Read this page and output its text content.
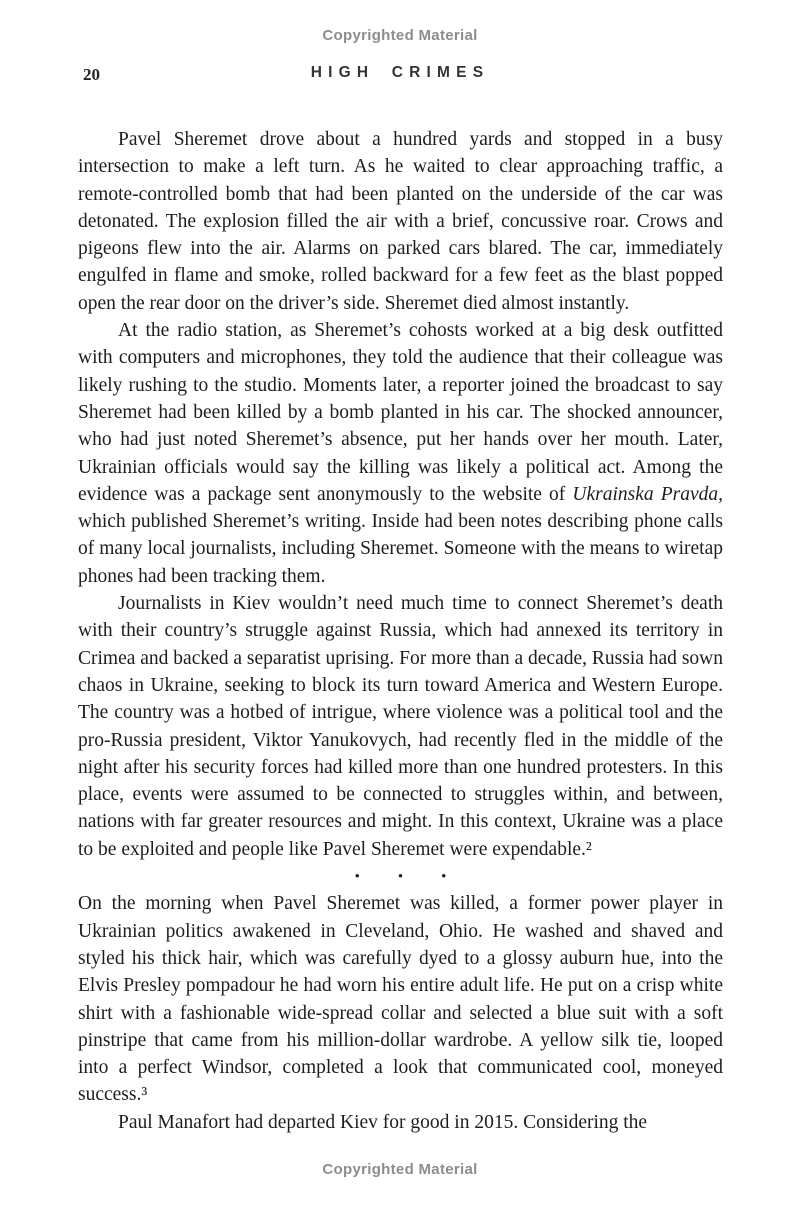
Copyrighted Material
20	HIGH CRIMES

Pavel Sheremet drove about a hundred yards and stopped in a busy intersection to make a left turn. As he waited to clear approaching traffic, a remote-controlled bomb that had been planted on the underside of the car was detonated. The explosion filled the air with a brief, concussive roar. Crows and pigeons flew into the air. Alarms on parked cars blared. The car, immediately engulfed in flame and smoke, rolled backward for a few feet as the blast popped open the rear door on the driver’s side. Sheremet died almost instantly.

At the radio station, as Sheremet’s cohosts worked at a big desk outfitted with computers and microphones, they told the audience that their colleague was likely rushing to the studio. Moments later, a reporter joined the broadcast to say Sheremet had been killed by a bomb planted in his car. The shocked announcer, who had just noted Sheremet’s absence, put her hands over her mouth. Later, Ukrainian officials would say the killing was likely a political act. Among the evidence was a package sent anonymously to the website of Ukrainska Pravda, which published Sheremet’s writing. Inside had been notes describing phone calls of many local journalists, including Sheremet. Someone with the means to wiretap phones had been tracking them.

Journalists in Kiev wouldn’t need much time to connect Sheremet’s death with their country’s struggle against Russia, which had annexed its territory in Crimea and backed a separatist uprising. For more than a decade, Russia had sown chaos in Ukraine, seeking to block its turn toward America and Western Europe. The country was a hotbed of intrigue, where violence was a political tool and the pro-Russia president, Viktor Yanukovych, had recently fled in the middle of the night after his security forces had killed more than one hundred protesters. In this place, events were assumed to be connected to struggles within, and between, nations with far greater resources and might. In this context, Ukraine was a place to be exploited and people like Pavel Sheremet were expendable.²

•	•	•

On the morning when Pavel Sheremet was killed, a former power player in Ukrainian politics awakened in Cleveland, Ohio. He washed and shaved and styled his thick hair, which was carefully dyed to a glossy auburn hue, into the Elvis Presley pompadour he had worn his entire adult life. He put on a crisp white shirt with a fashionable wide-spread collar and selected a blue suit with a soft pinstripe that came from his million-dollar wardrobe. A yellow silk tie, looped into a perfect Windsor, completed a look that communicated cool, moneyed success.³

Paul Manafort had departed Kiev for good in 2015. Considering the

Copyrighted Material
